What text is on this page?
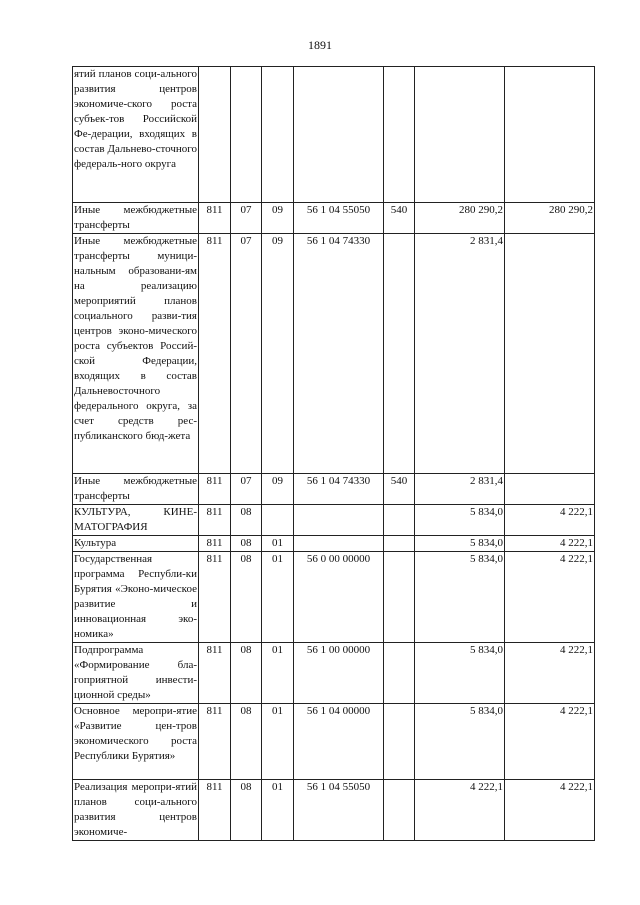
1891
ятий планов соци-ального развития центров экономиче-ского роста субъек-тов Российской Фе-дерации, входящих в состав Дальнево-сточного федераль-ного округа							

Иные межбюджетные трансферты	811	07	09	56 1 04 55050	540	280 290,2	280 290,2

Иные межбюджетные трансферты муници-нальным образовани-ям на реализацию мероприятий планов социального разви-тия центров эконо-мического роста субъектов Россий-ской Федерации, входящих в состав Дальневосточного федерального округа, за счет средств рес-публиканского бюд-жета	811	07	09	56 1 04 74330		2 831,4	

Иные межбюджетные трансферты	811	07	09	56 1 04 74330	540	2 831,4	

КУЛЬТУРА, КИНЕ-МАТОГРАФИЯ	811	08				5 834,0	4 222,1

Культура	811	08	01			5 834,0	4 222,1

Государственная программа Республи-ки Бурятия «Эконо-мическое развитие и инновационная эко-номика»	811	08	01	56 0 00 00000		5 834,0	4 222,1

Подпрограмма «Формирование бла-гоприятной инвести-ционной среды»	811	08	01	56 1 00 00000		5 834,0	4 222,1

Основное меропри-ятие «Развитие цен-тров экономического роста Республики Бурятия»	811	08	01	56 1 04 00000		5 834,0	4 222,1

Реализация меропри-ятий планов соци-ального развития центров экономиче-	811	08	01	56 1 04 55050		4 222,1	4 222,1
